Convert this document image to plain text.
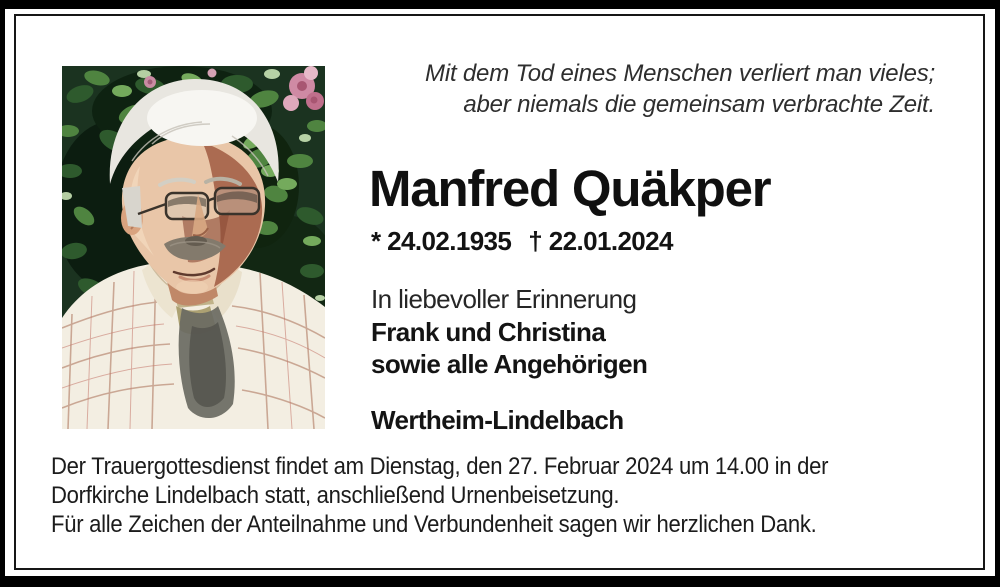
Mit dem Tod eines Menschen verliert man vieles;
aber niemals die gemeinsam verbrachte Zeit.
Manfred Quäkper
* 24.02.1935 † 22.01.2024
In liebevoller Erinnerung
Frank und Christina
sowie alle Angehörigen
Wertheim-Lindelbach
Der Trauergottesdienst findet am Dienstag, den 27. Februar 2024 um 14.00 in der
Dorfkirche Lindelbach statt, anschließend Urnenbeisetzung.
Für alle Zeichen der Anteilnahme und Verbundenheit sagen wir herzlichen Dank.
